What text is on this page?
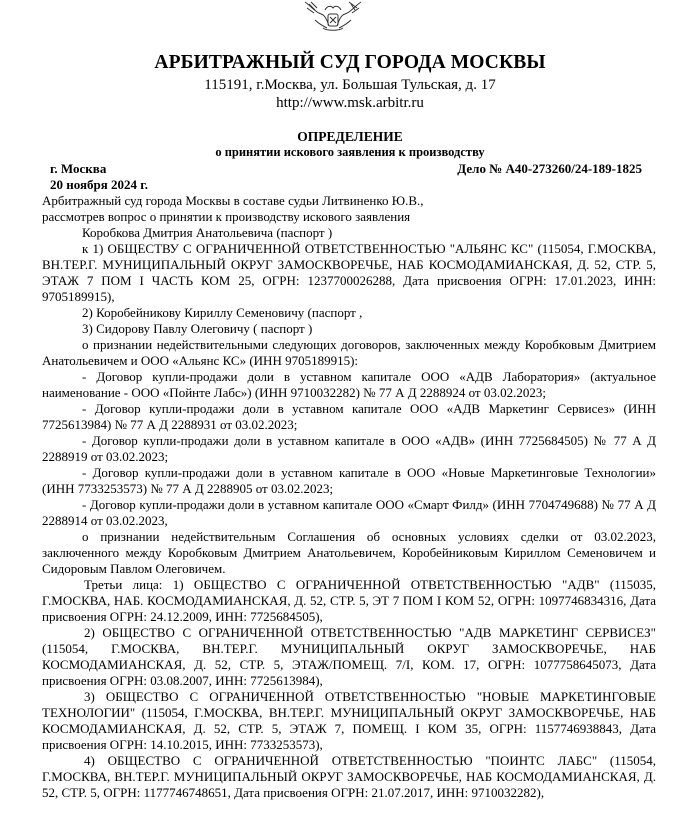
АРБИТРАЖНЫЙ СУД ГОРОДА МОСКВЫ
115191, г.Москва, ул. Большая Тульская, д. 17
http://www.msk.arbitr.ru
ОПРЕДЕЛЕНИЕ
о принятии искового заявления к производству
г. Москва
20 ноября 2024 г.
Дело № А40-273260/24-189-1825

Арбитражный суд города Москвы в составе судьи Литвиненко Ю.В.,

рассмотрев вопрос о принятии к производству искового заявления

Коробкова Дмитрия Анатольевича (паспорт )

к 1) ОБЩЕСТВУ С ОГРАНИЧЕННОЙ ОТВЕТСТВЕННОСТЬЮ "АЛЬЯНС КС" (115054, Г.МОСКВА, ВН.ТЕР.Г. МУНИЦИПАЛЬНЫЙ ОКРУГ ЗАМОСКВОРЕЧЬЕ, НАБ КОСМОДАМИАНСКАЯ, Д. 52, СТР. 5, ЭТАЖ 7 ПОМ I ЧАСТЬ КОМ 25, ОГРН: 1237700026288, Дата присвоения ОГРН: 17.01.2023, ИНН: 9705189915),

2) Коробейникову Кириллу Семеновичу (паспорт ,

3) Сидорову Павлу Олеговичу ( паспорт )

о признании недействительными следующих договоров, заключенных между Коробковым Дмитрием Анатольевичем и ООО «Альянс КС» (ИНН 9705189915):

- Договор купли-продажи доли в уставном капитале ООО «АДВ Лаборатория» (актуальное наименование - ООО «Пойнте Лабс») (ИНН 9710032282) № 77 А Д 2288924 от 03.02.2023;

- Договор купли-продажи доли в уставном капитале ООО «АДВ Маркетинг Сервисез» (ИНН 7725613984) № 77 А Д 2288931 от 03.02.2023;

- Договор купли-продажи доли в уставном капитале в ООО «АДВ» (ИНН 7725684505) № 77 А Д 2288919 от 03.02.2023;

- Договор купли-продажи доли в уставном капитале в ООО «Новые Маркетинговые Технологии» (ИНН 7733253573) № 77 А Д 2288905 от 03.02.2023;

- Договор купли-продажи доли в уставном капитале ООО «Смарт Филд» (ИНН 7704749688) № 77 А Д 2288914 от 03.02.2023,

о признании недействительным Соглашения об основных условиях сделки от 03.02.2023, заключенного между Коробковым Дмитрием Анатольевичем, Коробейниковым Кириллом Семеновичем и Сидоровым Павлом Олеговичем.

Третьи лица: 1) ОБЩЕСТВО С ОГРАНИЧЕННОЙ ОТВЕТСТВЕННОСТЬЮ "АДВ" (115035, Г.МОСКВА, НАБ. КОСМОДАМИАНСКАЯ, Д. 52, СТР. 5, ЭТ 7 ПОМ I КОМ 52, ОГРН: 1097746834316, Дата присвоения ОГРН: 24.12.2009, ИНН: 7725684505),

2) ОБЩЕСТВО С ОГРАНИЧЕННОЙ ОТВЕТСТВЕННОСТЬЮ "АДВ МАРКЕТИНГ СЕРВИСЕЗ" (115054, Г.МОСКВА, ВН.ТЕР.Г. МУНИЦИПАЛЬНЫЙ ОКРУГ ЗАМОСКВОРЕЧЬЕ, НАБ КОСМОДАМИАНСКАЯ, Д. 52, СТР. 5, ЭТАЖ/ПОМЕЩ. 7/I, КОМ. 17, ОГРН: 1077758645073, Дата присвоения ОГРН: 03.08.2007, ИНН: 7725613984),

3) ОБЩЕСТВО С ОГРАНИЧЕННОЙ ОТВЕТСТВЕННОСТЬЮ "НОВЫЕ МАРКЕТИНГОВЫЕ ТЕХНОЛОГИИ" (115054, Г.МОСКВА, ВН.ТЕР.Г. МУНИЦИПАЛЬНЫЙ ОКРУГ ЗАМОСКВОРЕЧЬЕ, НАБ КОСМОДАМИАНСКАЯ, Д. 52, СТР. 5, ЭТАЖ 7, ПОМЕЩ. I КОМ 35, ОГРН: 1157746938843, Дата присвоения ОГРН: 14.10.2015, ИНН: 7733253573),

4) ОБЩЕСТВО С ОГРАНИЧЕННОЙ ОТВЕТСТВЕННОСТЬЮ "ПОИНТС ЛАБС" (115054, Г.МОСКВА, ВН.ТЕР.Г. МУНИЦИПАЛЬНЫЙ ОКРУГ ЗАМОСКВОРЕЧЬЕ, НАБ КОСМОДАМИАНСКАЯ, Д. 52, СТР. 5, ОГРН: 1177746748651, Дата присвоения ОГРН: 21.07.2017, ИНН: 9710032282),
